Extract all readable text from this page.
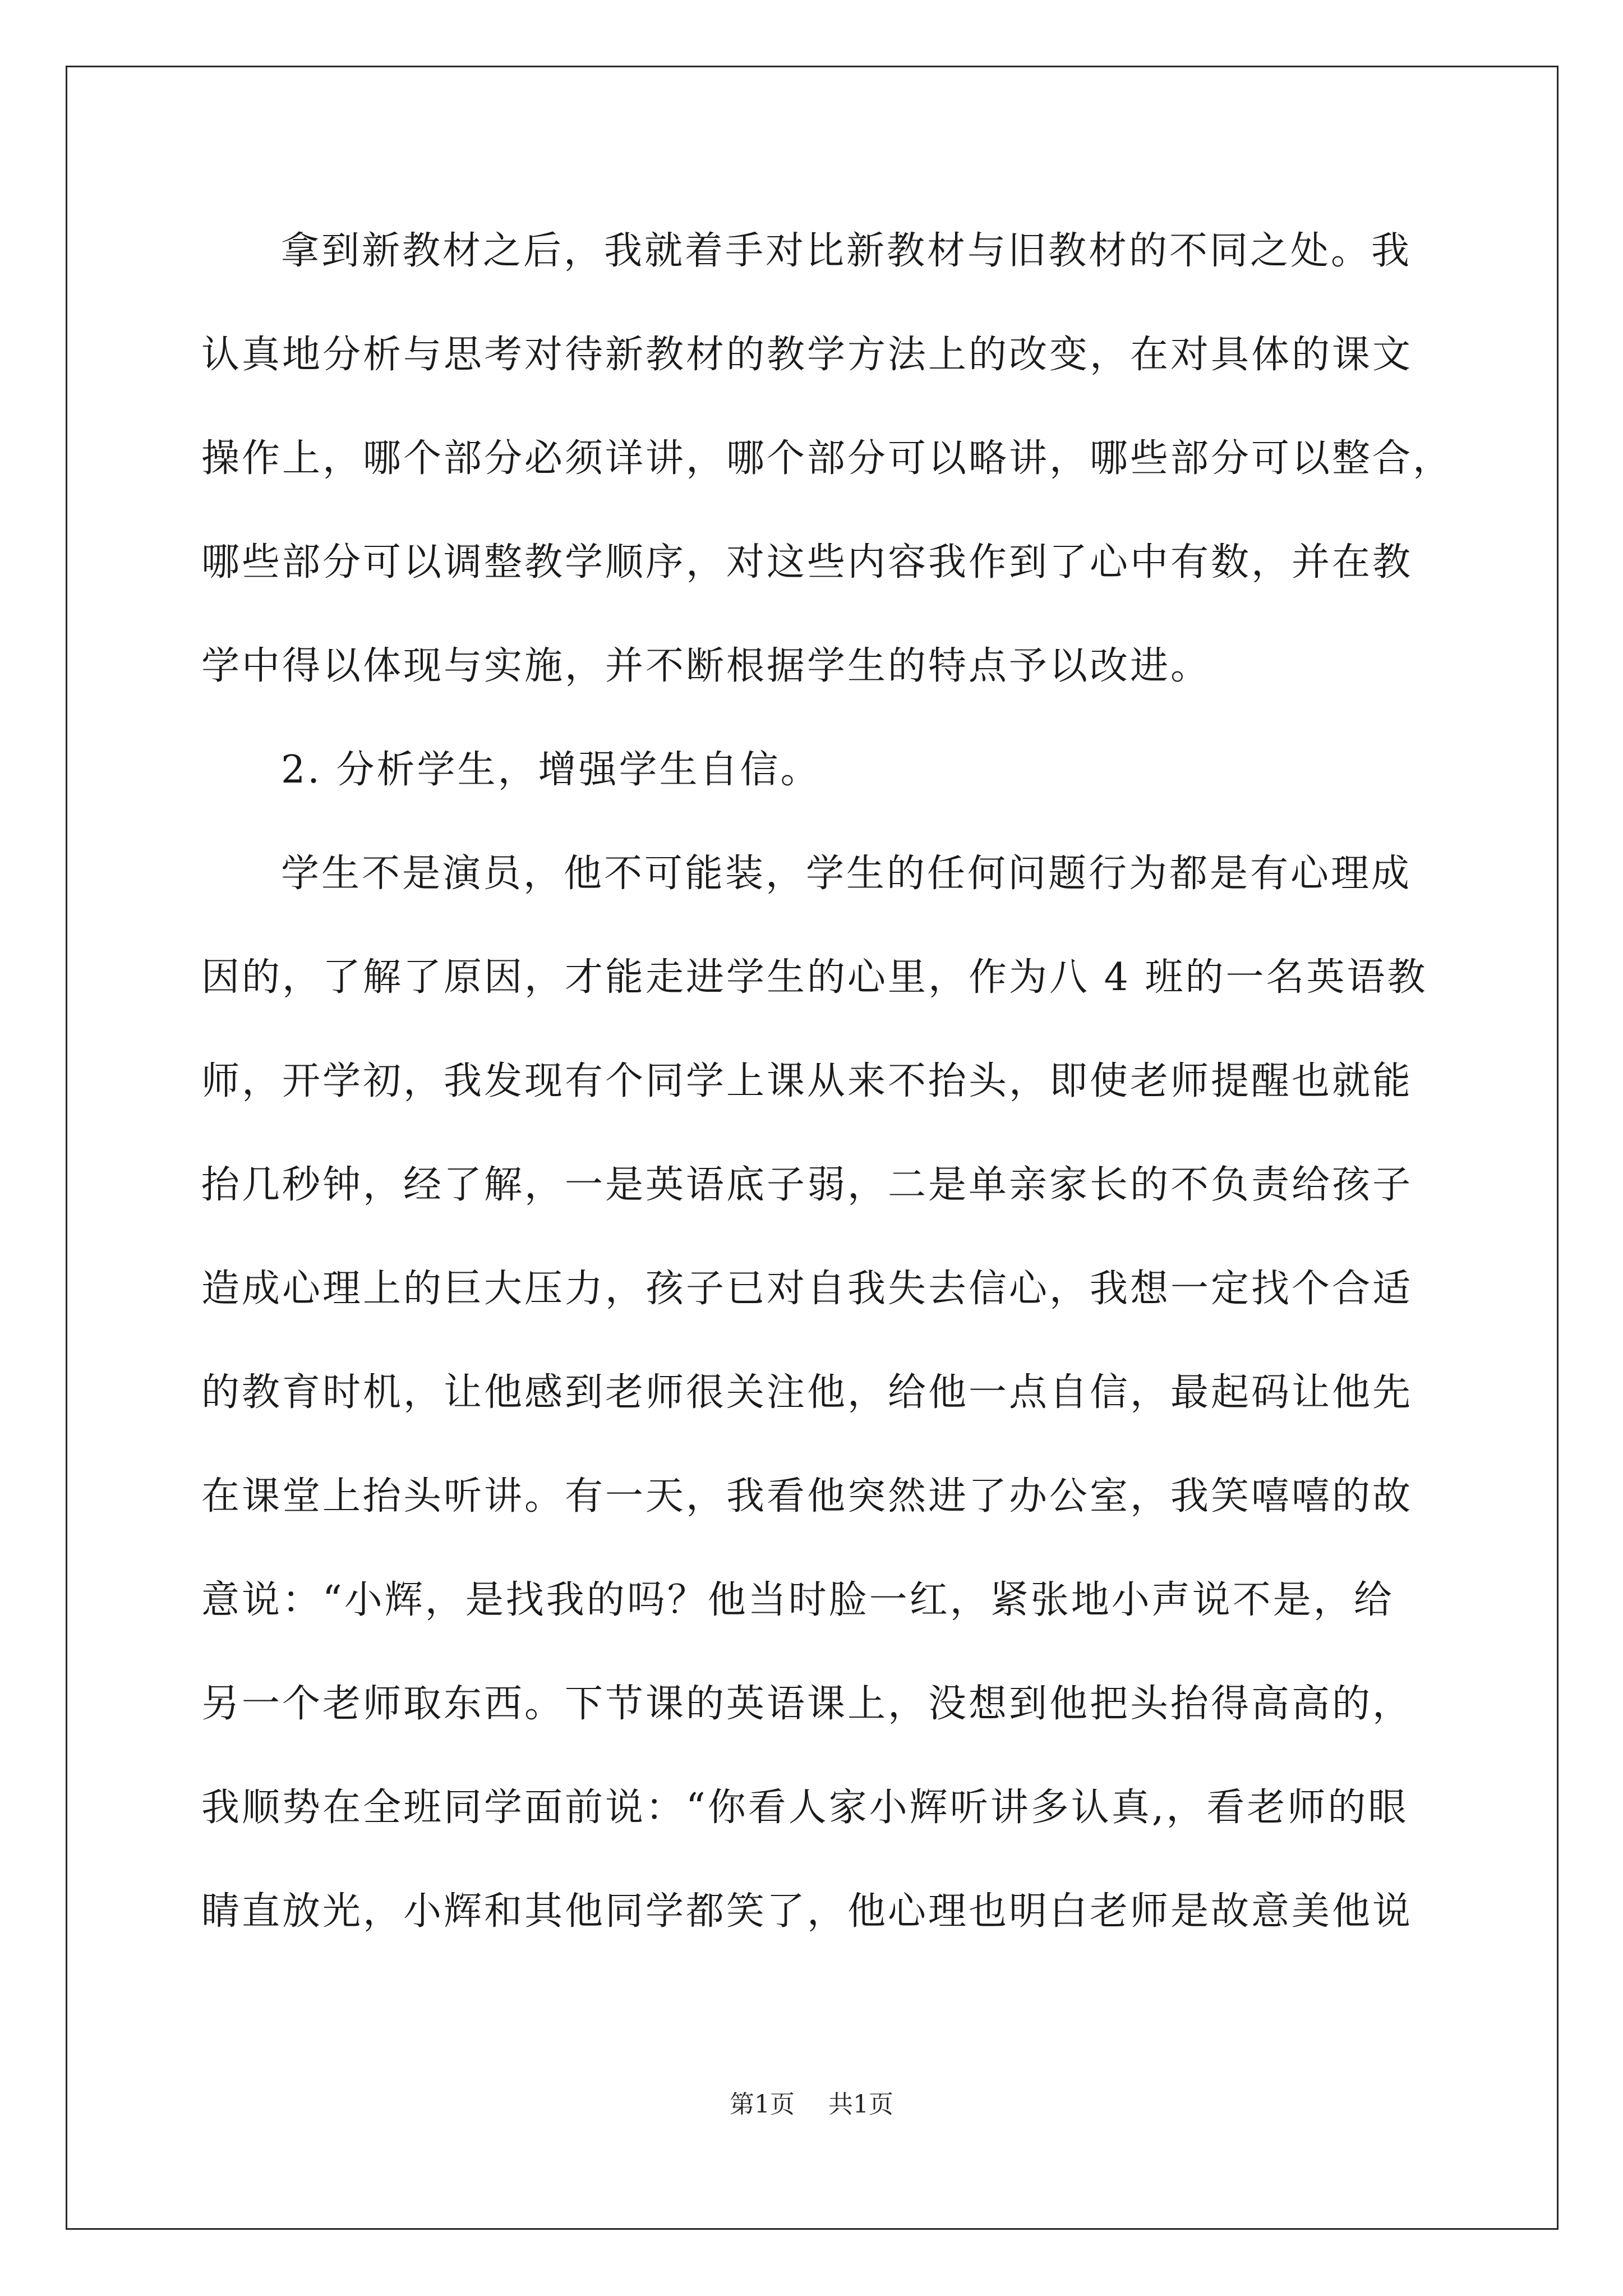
拿到新教材之后，我就着手对比新教材与旧教材的不同之处。我
认真地分析与思考对待新教材的教学方法上的改变，在对具体的课文
操作上，哪个部分必须详讲，哪个部分可以略讲，哪些部分可以整合，
哪些部分可以调整教学顺序，对这些内容我作到了心中有数，并在教
学中得以体现与实施，并不断根据学生的特点予以改进。
2. 分析学生，增强学生自信。
学生不是演员，他不可能装，学生的任何问题行为都是有心理成
因的，了解了原因，才能走进学生的心里，作为八 4 班的一名英语教
师，开学初，我发现有个同学上课从来不抬头，即使老师提醒也就能
抬几秒钟，经了解，一是英语底子弱，二是单亲家长的不负责给孩子
造成心理上的巨大压力，孩子已对自我失去信心，我想一定找个合适
的教育时机，让他感到老师很关注他，给他一点自信，最起码让他先
在课堂上抬头听讲。有一天，我看他突然进了办公室，我笑嘻嘻的故
意说：“小辉，是找我的吗？他当时脸一红，紧张地小声说不是，给
另一个老师取东西。下节课的英语课上，没想到他把头抬得高高的，
我顺势在全班同学面前说：“你看人家小辉听讲多认真,，看老师的眼
睛直放光，小辉和其他同学都笑了，他心理也明白老师是故意美他说
第1页 共1页
